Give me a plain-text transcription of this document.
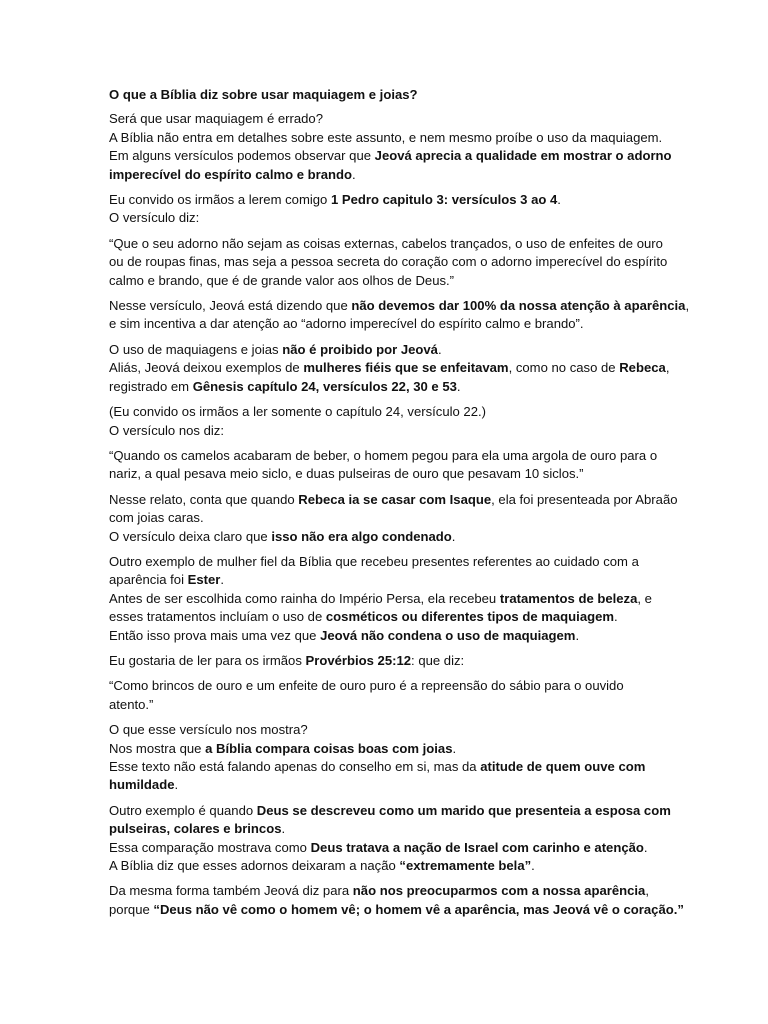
O que a Bíblia diz sobre usar maquiagem e joias?
Será que usar maquiagem é errado?
A Bíblia não entra em detalhes sobre este assunto, e nem mesmo proíbe o uso da maquiagem.
Em alguns versículos podemos observar que Jeová aprecia a qualidade em mostrar o adorno
imperecível do espírito calmo e brando.
Eu convido os irmãos a lerem comigo 1 Pedro capitulo 3: versículos 3 ao 4.
O versículo diz:
“Que o seu adorno não sejam as coisas externas, cabelos trançados, o uso de enfeites de ouro
ou de roupas finas, mas seja a pessoa secreta do coração com o adorno imperecível do espírito
calmo e brando, que é de grande valor aos olhos de Deus.”
Nesse versículo, Jeová está dizendo que não devemos dar 100% da nossa atenção à aparência,
e sim incentiva a dar atenção ao “adorno imperecível do espírito calmo e brando”.
O uso de maquiagens e joias não é proibido por Jeová.
Aliás, Jeová deixou exemplos de mulheres fiéis que se enfeitavam, como no caso de Rebeca,
registrado em Gênesis capítulo 24, versículos 22, 30 e 53.
(Eu convido os irmãos a ler somente o capítulo 24, versículo 22.)
O versículo nos diz:
“Quando os camelos acabaram de beber, o homem pegou para ela uma argola de ouro para o
nariz, a qual pesava meio siclo, e duas pulseiras de ouro que pesavam 10 siclos.”
Nesse relato, conta que quando Rebeca ia se casar com Isaque, ela foi presenteada por Abraão
com joias caras.
O versículo deixa claro que isso não era algo condenado.
Outro exemplo de mulher fiel da Bíblia que recebeu presentes referentes ao cuidado com a
aparência foi Ester.
Antes de ser escolhida como rainha do Império Persa, ela recebeu tratamentos de beleza, e
esses tratamentos incluíam o uso de cosméticos ou diferentes tipos de maquiagem.
Então isso prova mais uma vez que Jeová não condena o uso de maquiagem.
Eu gostaria de ler para os irmãos Provérbios 25:12: que diz:
“Como brincos de ouro e um enfeite de ouro puro é a repreensão do sábio para o ouvido
atento.”
O que esse versículo nos mostra?
Nos mostra que a Bíblia compara coisas boas com joias.
Esse texto não está falando apenas do conselho em si, mas da atitude de quem ouve com
humildade.
Outro exemplo é quando Deus se descreveu como um marido que presenteia a esposa com
pulseiras, colares e brincos.
Essa comparação mostrava como Deus tratava a nação de Israel com carinho e atenção.
A Bíblia diz que esses adornos deixaram a nação “extremamente bela”.
Da mesma forma também Jeová diz para não nos preocuparmos com a nossa aparência,
porque “Deus não vê como o homem vê; o homem vê a aparência, mas Jeová vê o coração.”
